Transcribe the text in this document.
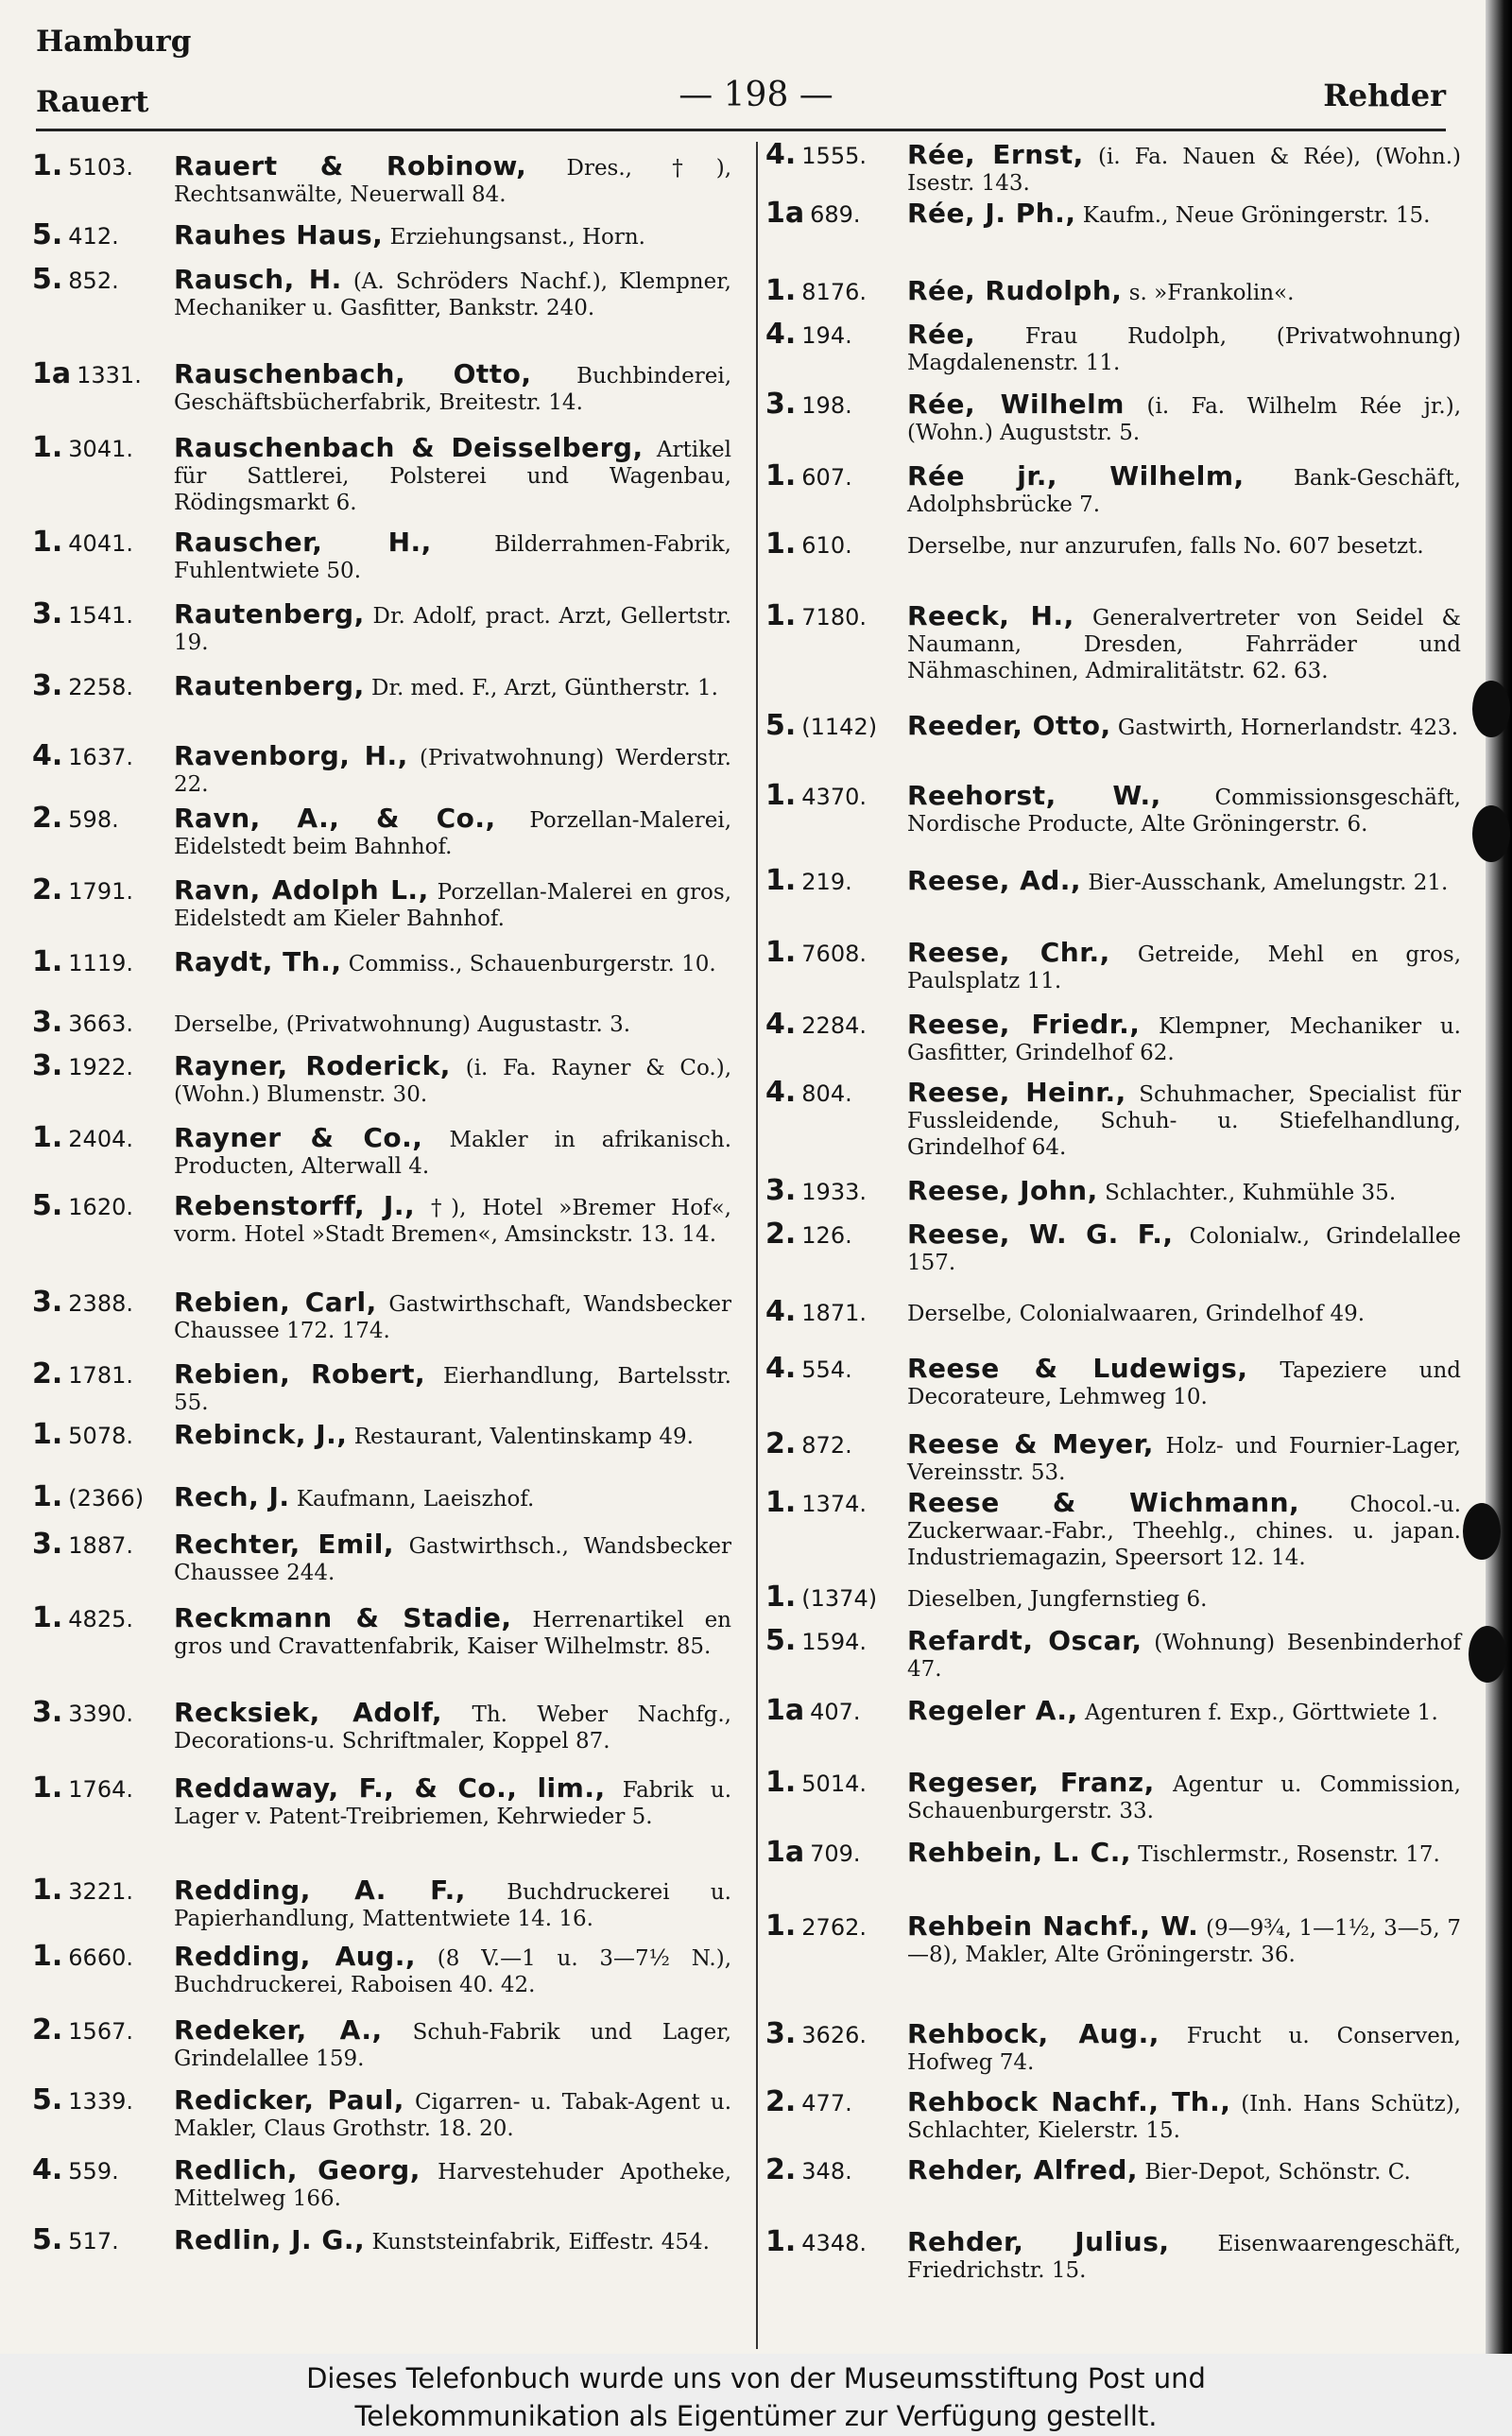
Hamburg
Rauert	— 198 —	Rehder
1. 5103.	Rauert & Robinow, Dres., †), Rechtsanwälte, Neuerwall 84.
5. 412.	Rauhes Haus, Erziehungsanst., Horn.
5. 852.	Rausch, H. (A. Schröders Nachf.), Klempner, Mechaniker u. Gasfitter, Bankstr. 240.
1a 1331.	Rauschenbach, Otto, Buchbinderei, Geschäftsbücherfabrik, Breitestr. 14.
1. 3041.	Rauschenbach & Deisselberg, Artikel für Sattlerei, Polsterei und Wagenbau, Rödingsmarkt 6.
1. 4041.	Rauscher, H.,	Bilderrahmen-Fabrik, Fuhlentwiete 50.
3. 1541.	Rautenberg, Dr. Adolf, pract. Arzt, Gellertstr. 19.
3. 2258.	Rautenberg, Dr. med. F., Arzt, Güntherstr. 1.
4. 1637.	Ravenborg, H., (Privatwohnung) Werderstr. 22.
2. 598.	Ravn, A., & Co., Porzellan-Malerei, Eidelstedt beim Bahnhof.
2. 1791.	Ravn, Adolph L., Porzellan-Malerei en gros, Eidelstedt am Kieler Bahnhof.
1. 1119.	Raydt, Th., Commiss., Schauenburgerstr. 10.
3. 3663.	Derselbe, (Privatwohnung) Augustastr. 3.
3. 1922.	Rayner, Roderick, (i. Fa. Rayner & Co.), (Wohn.) Blumenstr. 30.
1. 2404.	Rayner & Co., Makler in afrikanisch. Producten, Alterwall 4.
5. 1620.	Rebenstorff, J., †), Hotel »Bremer Hof«, vorm. Hotel »Stadt Bremen«, Amsinckstr. 13. 14.
3. 2388.	Rebien, Carl, Gastwirthschaft, Wandsbecker Chaussee 172. 174.
2. 1781.	Rebien, Robert, Eierhandlung, Bartelsstr. 55.
1. 5078.	Rebinck, J., Restaurant, Valentinskamp 49.
1. (2366)	Rech, J. Kaufmann, Laeiszhof.
3. 1887.	Rechter, Emil, Gastwirthsch., Wandsbecker Chaussee 244.
1. 4825.	Reckmann & Stadie, Herrenartikel en gros und Cravattenfabrik, Kaiser Wilhelmstr. 85.
3. 3390.	Recksiek, Adolf, Th. Weber Nachfg., Decorations-u. Schriftmaler, Koppel 87.
1. 1764.	Reddaway, F., & Co., lim., Fabrik u. Lager v. Patent-Treibriemen, Kehrwieder 5.
1. 3221.	Redding, A. F., Buchdruckerei u. Papierhandlung, Mattentwiete 14. 16.
1. 6660.	Redding, Aug., (8 V.—1 u. 3—7½ N.), Buchdruckerei, Raboisen 40. 42.
2. 1567.	Redeker, A., Schuh-Fabrik und Lager, Grindelallee 159.
5. 1339.	Redicker, Paul, Cigarren- u. Tabak-Agent u. Makler, Claus Grothstr. 18. 20.
4. 559.	Redlich, Georg, Harvestehuder Apotheke, Mittelweg 166.
5. 517.	Redlin, J. G., Kunststeinfabrik, Eiffestr. 454.
4. 1555.	Rée, Ernst, (i. Fa. Nauen & Rée), (Wohn.) Isestr. 143.
1a 689.	Rée, J. Ph., Kaufm., Neue Gröningerstr. 15.
1. 8176.	Rée, Rudolph, s. »Frankolin«.
4. 194.	Rée, Frau Rudolph, (Privatwohnung) Magdalenenstr. 11.
3. 198.	Rée, Wilhelm (i. Fa. Wilhelm Rée jr.), (Wohn.) Auguststr. 5.
1. 607.	Rée jr., Wilhelm, Bank-Geschäft, Adolphsbrücke 7.
1. 610.	Derselbe, nur anzurufen, falls No. 607 besetzt.
1. 7180.	Reeck, H., Generalvertreter von Seidel & Naumann, Dresden, Fahrräder und Nähmaschinen, Admiralitätstr. 62. 63.
5. (1142)	Reeder, Otto, Gastwirth, Hornerlandstr. 423.
1. 4370.	Reehorst, W., Commissionsgeschäft, Nordische Producte, Alte Gröningerstr. 6.
1. 219.	Reese, Ad., Bier-Ausschank, Amelungstr. 21.
1. 7608.	Reese, Chr., Getreide, Mehl en gros, Paulsplatz 11.
4. 2284.	Reese, Friedr., Klempner, Mechaniker u. Gasfitter, Grindelhof 62.
4. 804.	Reese, Heinr., Schuhmacher, Specialist für Fussleidende, Schuh- u. Stiefelhandlung, Grindelhof 64.
3. 1933.	Reese, John, Schlachter., Kuhmühle 35.
2. 126.	Reese, W. G. F., Colonialw., Grindelallee 157.
4. 1871.	Derselbe, Colonialwaaren, Grindelhof 49.
4. 554.	Reese & Ludewigs, Tapeziere und Decorateure, Lehmweg 10.
2. 872.	Reese & Meyer, Holz- und Fournier-Lager, Vereinsstr. 53.
1. 1374.	Reese & Wichmann, Chocol.-u. Zuckerwaar.-Fabr., Theehlg., chines. u. japan. Industriemagazin, Speersort 12. 14.
1. (1374)	Dieselben, Jungfernstieg 6.
5. 1594.	Refardt, Oscar, (Wohnung) Besenbinderhof 47.
1a 407.	Regeler A., Agenturen f. Exp., Görttwiete 1.
1. 5014.	Regeser, Franz, Agentur u. Commission, Schauenburgerstr. 33.
1a 709.	Rehbein, L. C., Tischlermstr., Rosenstr. 17.
1. 2762.	Rehbein Nachf., W. (9—9¾, 1—1½, 3—5, 7—8), Makler, Alte Gröningerstr. 36.
3. 3626.	Rehbock, Aug., Frucht u. Conserven, Hofweg 74.
2. 477.	Rehbock Nachf., Th., (Inh. Hans Schütz), Schlachter, Kielerstr. 15.
2. 348.	Rehder, Alfred, Bier-Depot, Schönstr. C.
1. 4348.	Rehder, Julius, Eisenwaarengeschäft, Friedrichstr. 15.
Dieses Telefonbuch wurde uns von der Museumsstiftung Post und
Telekommunikation als Eigentümer zur Verfügung gestellt.
